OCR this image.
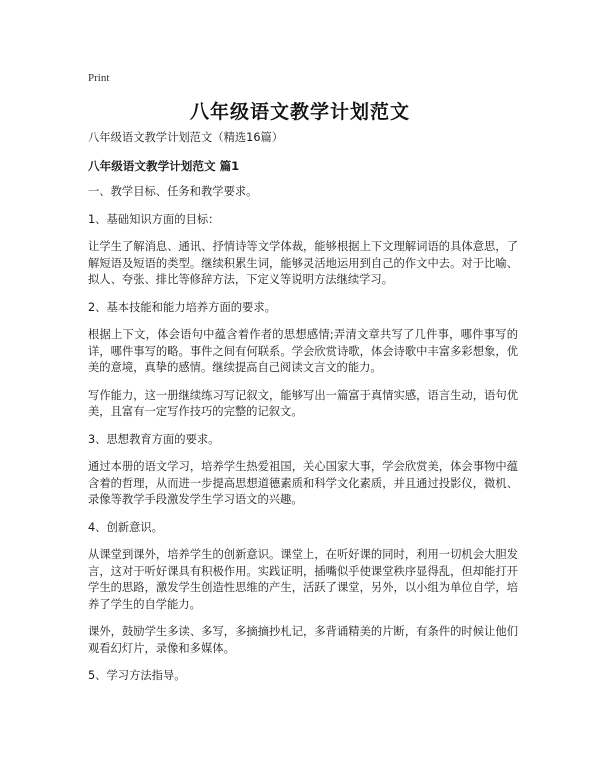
Print
八年级语文教学计划范文

八年级语文教学计划范文（精选16篇）

八年级语文教学计划范文 篇1

一、教学目标、任务和教学要求。

1、基础知识方面的目标：

让学生了解消息、通讯、抒情诗等文学体裁，能够根据上下文理解词语的具体意思，了解短语及短语的类型。继续积累生词，能够灵活地运用到自己的作文中去。对于比喻、拟人、夸张、排比等修辞方法，下定义等说明方法继续学习。

2、基本技能和能力培养方面的要求。

根据上下文，体会语句中蕴含着作者的思想感情;弄清文章共写了几件事，哪件事写的详，哪件事写的略。事件之间有何联系。学会欣赏诗歌，体会诗歌中丰富多彩想象，优美的意境，真挚的感情。继续提高自己阅读文言文的能力。

写作能力，这一册继续练习写记叙文，能够写出一篇富于真情实感，语言生动，语句优美，且富有一定写作技巧的完整的记叙文。

3、思想教育方面的要求。

通过本册的语文学习，培养学生热爱祖国，关心国家大事，学会欣赏美，体会事物中蕴含着的哲理，从而进一步提高思想道德素质和科学文化素质，并且通过投影仪，微机、录像等教学手段激发学生学习语文的兴趣。

4、创新意识。

从课堂到课外，培养学生的创新意识。课堂上，在听好课的同时，利用一切机会大胆发言，这对于听好课具有积极作用。实践证明，插嘴似乎使课堂秩序显得乱，但却能打开学生的思路，激发学生创造性思维的产生，活跃了课堂，另外，以小组为单位自学，培养了学生的自学能力。

课外，鼓励学生多读、多写，多摘摘抄札记，多背诵精美的片断，有条件的时候让他们观看幻灯片，录像和多媒体。

5、学习方法指导。
